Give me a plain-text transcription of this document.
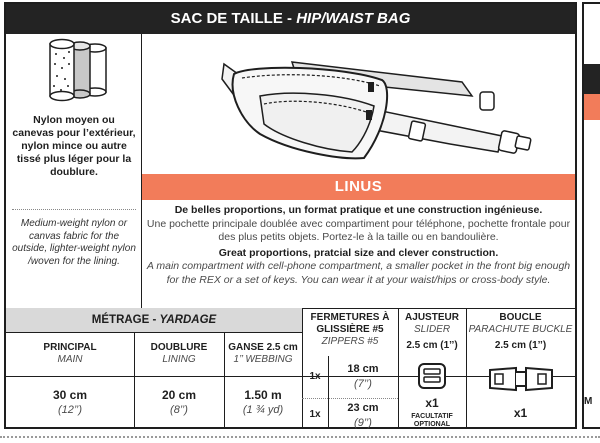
SAC DE TAILLE - HIP/WAIST BAG
Nylon moyen ou canevas pour l’extérieur, nylon mince ou autre tissé plus léger pour la doublure.
Medium-weight nylon or canvas fabric for the outside, lighter-weight nylon /woven for the lining.
LINUS
De belles proportions, un format pratique et une construction ingénieuse.
Une pochette principale doublée avec compartiment pour téléphone, pochette frontale pour des plus petits objets. Portez-le à la taille ou en bandoulière.
Great proportions, pratcial size and clever construction.
A main compartment with cell-phone compartment, a smaller pocket in the front big enough for the REX or a set of keys. You can wear it at your waist/hips or cross-body style.
MÉTRAGE - YARDAGE
PRINCIPAL
MAIN
DOUBLURE
LINING
GANSE 2.5 cm
1’’ WEBBING
30 cm
(12’’)
20 cm
(8’’)
1.50 m
(1 ¾ yd)
FERMETURES À GLISSIÈRE #5
ZIPPERS #5
1x
18 cm
(7’’)
1x
23 cm
(9’’)
AJUSTEUR
SLIDER
2.5 cm (1’’)
x1
FACULTATIF
OPTIONAL
BOUCLE
PARACHUTE BUCKLE
2.5 cm (1’’)
x1
M
